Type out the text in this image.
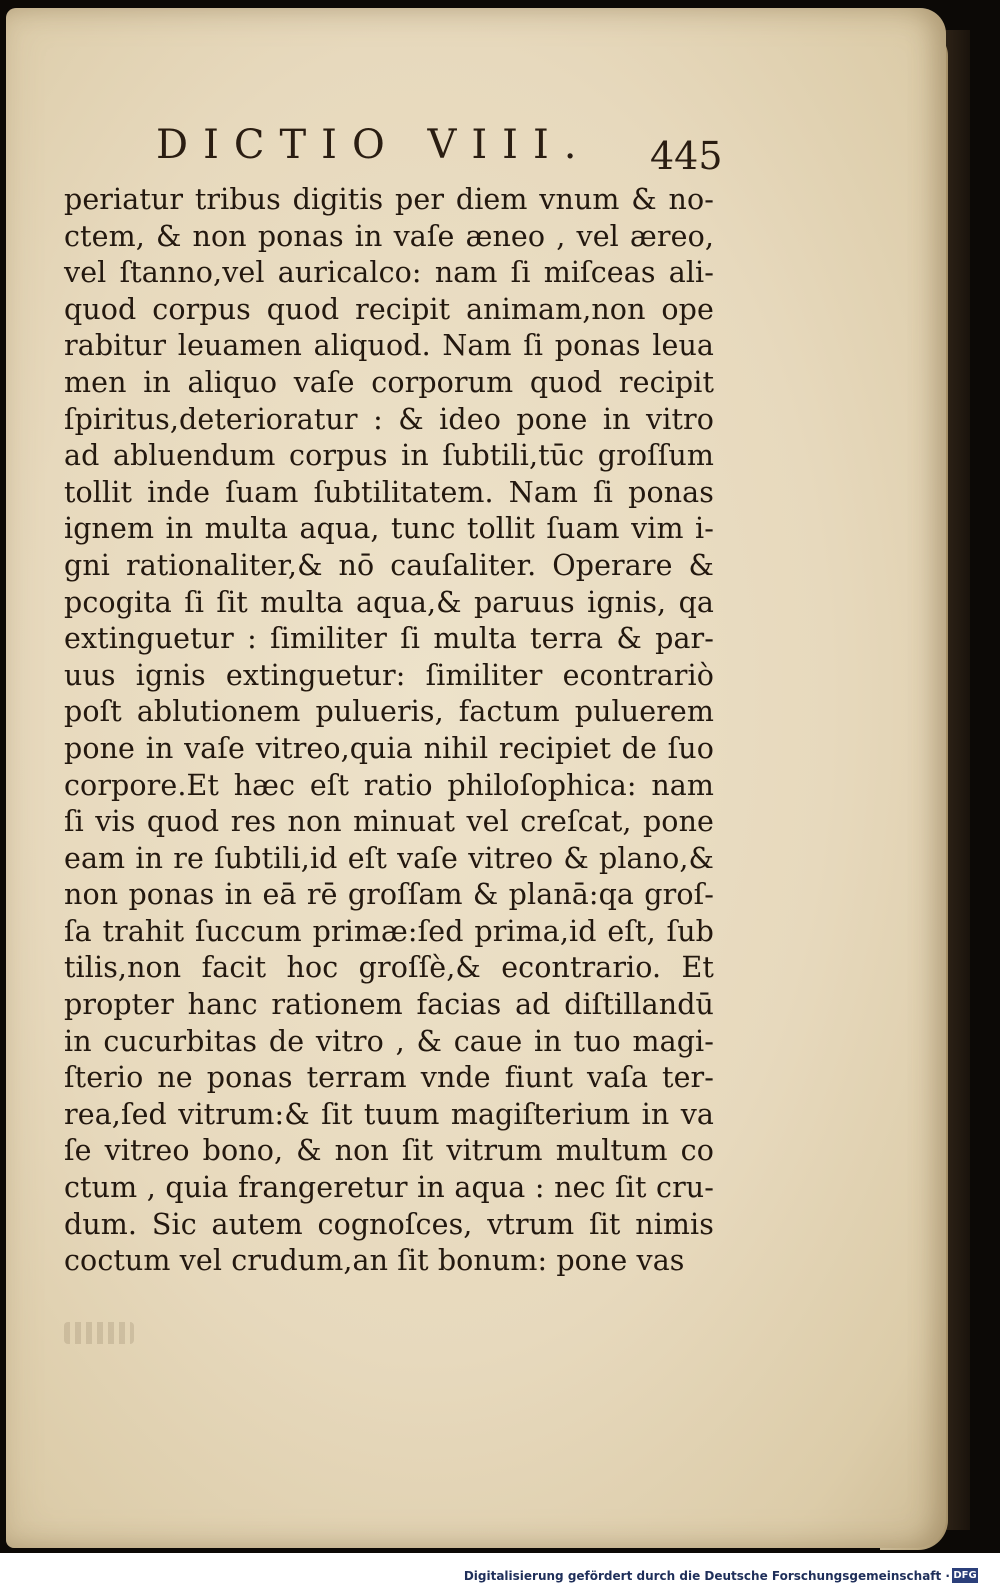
DICTIO VIII. 445
periatur tribus digitis per diem vnum & no-
ctem, & non ponas in vaſe æneo , vel æreo,
vel ſtanno,vel auricalco: nam ſi miſceas ali-
quod corpus quod recipit animam,non ope
rabitur leuamen aliquod. Nam ſi ponas leua
men in aliquo vaſe corporum quod recipit
ſpiritus,deterioratur : & ideo pone in vitro
ad abluendum corpus in ſubtili,tūc groſſum
tollit inde ſuam ſubtilitatem. Nam ſi ponas
ignem in multa aqua, tunc tollit ſuam vim i-
gni rationaliter,& nō cauſaliter. Operare &
pcogita ſi ſit multa aqua,& paruus ignis, qa
extinguetur : ſimiliter ſi multa terra & par-
uus ignis extinguetur: ſimiliter econtrariò
poſt ablutionem pulueris, factum puluerem
pone in vaſe vitreo,quia nihil recipiet de ſuo
corpore.Et hæc eſt ratio philoſophica: nam
ſi vis quod res non minuat vel creſcat, pone
eam in re ſubtili,id eſt vaſe vitreo & plano,&
non ponas in eā rē groſſam & planā:qa groſ-
ſa trahit ſuccum primæ:ſed prima,id eſt, ſub
tilis,non facit hoc groſſè,& econtrario. Et
propter hanc rationem facias ad diſtillandū
in cucurbitas de vitro , & caue in tuo magi-
ſterio ne ponas terram vnde fiunt vaſa ter-
rea,ſed vitrum:& ſit tuum magiſterium in va
ſe vitreo bono, & non ſit vitrum multum co
ctum , quia frangeretur in aqua : nec ſit cru-
dum. Sic autem cognoſces, vtrum ſit nimis
coctum vel crudum,an ſit bonum: pone vas
Digitalisierung gefördert durch die Deutsche Forschungsgemeinschaft · DFG
